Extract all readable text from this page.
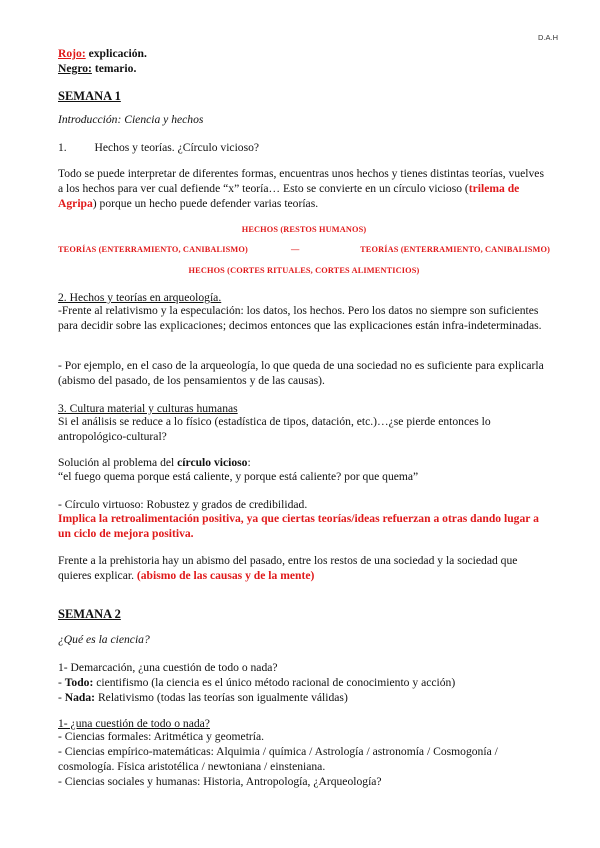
D.A.H

Rojo: explicación.

Negro: temario.

SEMANA 1
Introducción: Ciencia y hechos
1. Hechos y teorías. ¿Círculo vicioso?

Todo se puede interpretar de diferentes formas, encuentras unos hechos y tienes distintas teorías, vuelves a los hechos para ver cual defiende “x” teoría… Esto se convierte en un círculo vicioso (trilema de Agripa) porque un hecho puede defender varias teorías.

HECHOS (RESTOS HUMANOS)
TEORÍAS (ENTERRAMIENTO, CANIBALISMO)	—	TEORÍAS (ENTERRAMIENTO, CANIBALISMO)
HECHOS (CORTES RITUALES, CORTES ALIMENTICIOS)
2. Hechos y teorías en arqueología.

-Frente al relativismo y la especulación: los datos, los hechos. Pero los datos no siempre son suficientes para decidir sobre las explicaciones; decimos entonces que las explicaciones están infra-indeterminadas.

- Por ejemplo, en el caso de la arqueología, lo que queda de una sociedad no es suficiente para explicarla (abismo del pasado, de los pensamientos y de las causas).

3. Cultura material y culturas humanas

Si el análisis se reduce a lo físico (estadística de tipos, datación, etc.)…¿se pierde entonces lo antropológico-cultural?

Solución al problema del círculo vicioso:
“el fuego quema porque está caliente, y porque está caliente? por que quema”
- Círculo virtuoso: Robustez y grados de credibilidad.

Implica la retroalimentación positiva, ya que ciertas teorías/ideas refuerzan a otras dando lugar a un ciclo de mejora positiva.

Frente a la prehistoria hay un abismo del pasado, entre los restos de una sociedad y la sociedad que quieres explicar. (abismo de las causas y de la mente)

SEMANA 2
¿Qué es la ciencia?

1- Demarcación, ¿una cuestión de todo o nada?

- Todo: cientifismo (la ciencia es el único método racional de conocimiento y acción)

- Nada: Relativismo (todas las teorías son igualmente válidas)

1- ¿una cuestión de todo o nada?

- Ciencias formales: Aritmética y geometría.

- Ciencias empírico-matemáticas: Alquimia / química / Astrología / astronomía / Cosmogonía / cosmología. Física aristotélica / newtoniana / einsteniana.

- Ciencias sociales y humanas: Historia, Antropología, ¿Arqueología?
